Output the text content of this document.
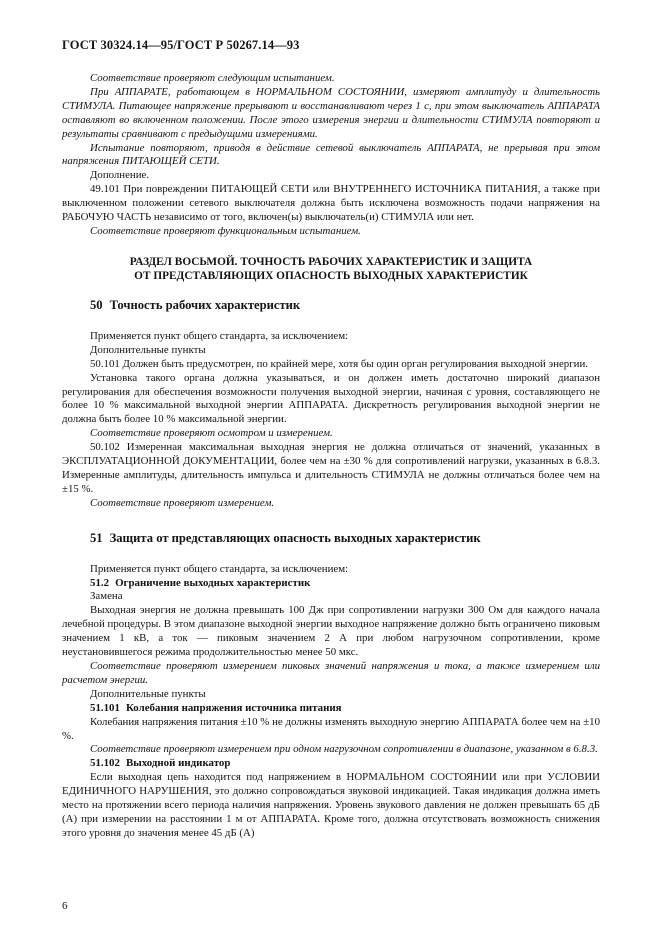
ГОСТ 30324.14—95/ГОСТ Р 50267.14—93

Соответствие проверяют следующим испытанием.

При АППАРАТЕ, работающем в НОРМАЛЬНОМ СОСТОЯНИИ, измеряют амплитуду и длительность СТИМУЛА. Питающее напряжение прерывают и восстанавливают через 1 с, при этом выключатель АППАРАТА оставляют во включенном положении. После этого измерения энергии и длительности СТИМУЛА повторяют и результаты сравнивают с предыдущими измерениями.

Испытание повторяют, приводя в действие сетевой выключатель АППАРАТА, не прерывая при этом напряжения ПИТАЮЩЕЙ СЕТИ.

Дополнение.

49.101 При повреждении ПИТАЮЩЕЙ СЕТИ или ВНУТРЕННЕГО ИСТОЧНИКА ПИТАНИЯ, а также при выключенном положении сетевого выключателя должна быть исключена возможность подачи напряжения на РАБОЧУЮ ЧАСТЬ независимо от того, включен(ы) выключатель(и) СТИМУЛА или нет.

Соответствие проверяют функциональным испытанием.

РАЗДЕЛ ВОСЬМОЙ. ТОЧНОСТЬ РАБОЧИХ ХАРАКТЕРИСТИК И ЗАЩИТА
ОТ ПРЕДСТАВЛЯЮЩИХ ОПАСНОСТЬ ВЫХОДНЫХ ХАРАКТЕРИСТИК
50 Точность рабочих характеристик

Применяется пункт общего стандарта, за исключением:

Дополнительные пункты

50.101 Должен быть предусмотрен, по крайней мере, хотя бы один орган регулирования выходной энергии.

Установка такого органа должна указываться, и он должен иметь достаточно широкий диапазон регулирования для обеспечения возможности получения выходной энергии, начиная с уровня, составляющего не более 10 % максимальной выходной энергии АППАРАТА. Дискретность регулирования выходной энергии не должна быть более 10 % максимальной энергии.

Соответствие проверяют осмотром и измерением.

50.102 Измеренная максимальная выходная энергия не должна отличаться от значений, указанных в ЭКСПЛУАТАЦИОННОЙ ДОКУМЕНТАЦИИ, более чем на ±30 % для сопротивлений нагрузки, указанных в 6.8.3. Измеренные амплитуды, длительность импульса и длительность СТИМУЛА не должны отличаться более чем на ±15 %.

Соответствие проверяют измерением.

51 Защита от представляющих опасность выходных характеристик

Применяется пункт общего стандарта, за исключением:

51.2 Ограничение выходных характеристик

Замена

Выходная энергия не должна превышать 100 Дж при сопротивлении нагрузки 300 Ом для каждого начала лечебной процедуры. В этом диапазоне выходной энергии выходное напряжение должно быть ограничено пиковым значением 1 кВ, а ток — пиковым значением 2 А при любом нагрузочном сопротивлении, кроме неустановившегося режима продолжительностью менее 50 мкс.

Соответствие проверяют измерением пиковых значений напряжения и тока, а также измерением или расчетом энергии.

Дополнительные пункты

51.101 Колебания напряжения источника питания

Колебания напряжения питания ±10 % не должны изменять выходную энергию АППАРАТА более чем на ±10 %.

Соответствие проверяют измерением при одном нагрузочном сопротивлении в диапазоне, указанном в 6.8.3.

51.102 Выходной индикатор

Если выходная цепь находится под напряжением в НОРМАЛЬНОМ СОСТОЯНИИ или при УСЛОВИИ ЕДИНИЧНОГО НАРУШЕНИЯ, это должно сопровождаться звуковой индикацией. Такая индикация должна иметь место на протяжении всего периода наличия напряжения. Уровень звукового давления не должен превышать 65 дБ (А) при измерении на расстоянии 1 м от АППАРАТА. Кроме того, должна отсутствовать возможность снижения этого уровня до значения менее 45 дБ (А)

6
